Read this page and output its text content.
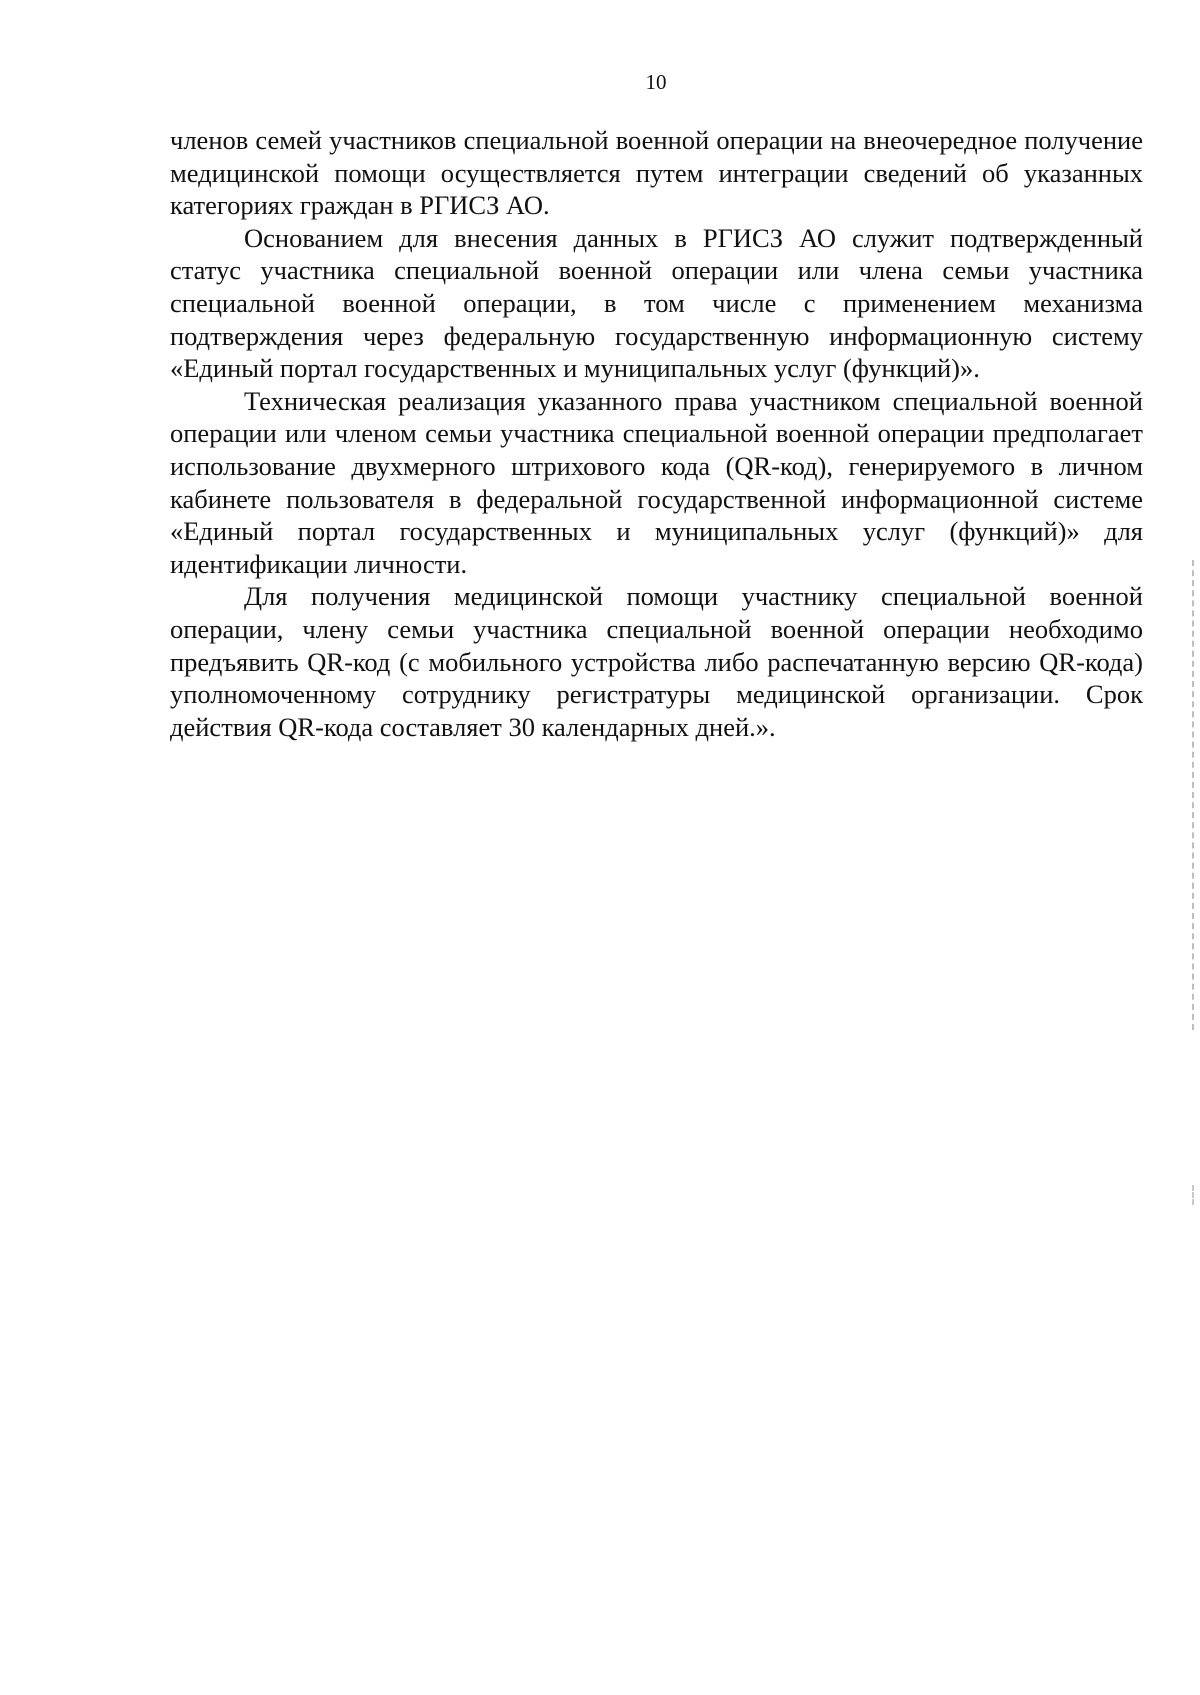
10

членов семей участников специальной военной операции на внеочередное получение медицинской помощи осуществляется путем интеграции сведений об указанных категориях граждан в РГИСЗ АО.

Основанием для внесения данных в РГИСЗ АО служит подтвержденный статус участника специальной военной операции или члена семьи участника специальной военной операции, в том числе с применением механизма подтверждения через федеральную государственную информационную систему «Единый портал государственных и муниципальных услуг (функций)».

Техническая реализация указанного права участником специальной военной операции или членом семьи участника специальной военной операции предполагает использование двухмерного штрихового кода (QR-код), генерируемого в личном кабинете пользователя в федеральной государственной информационной системе «Единый портал государственных и муниципальных услуг (функций)» для идентификации личности.

Для получения медицинской помощи участнику специальной военной операции, члену семьи участника специальной военной операции необходимо предъявить QR-код (с мобильного устройства либо распечатанную версию QR-кода) уполномоченному сотруднику регистратуры медицинской организации. Срок действия QR-кода составляет 30 календарных дней.».
